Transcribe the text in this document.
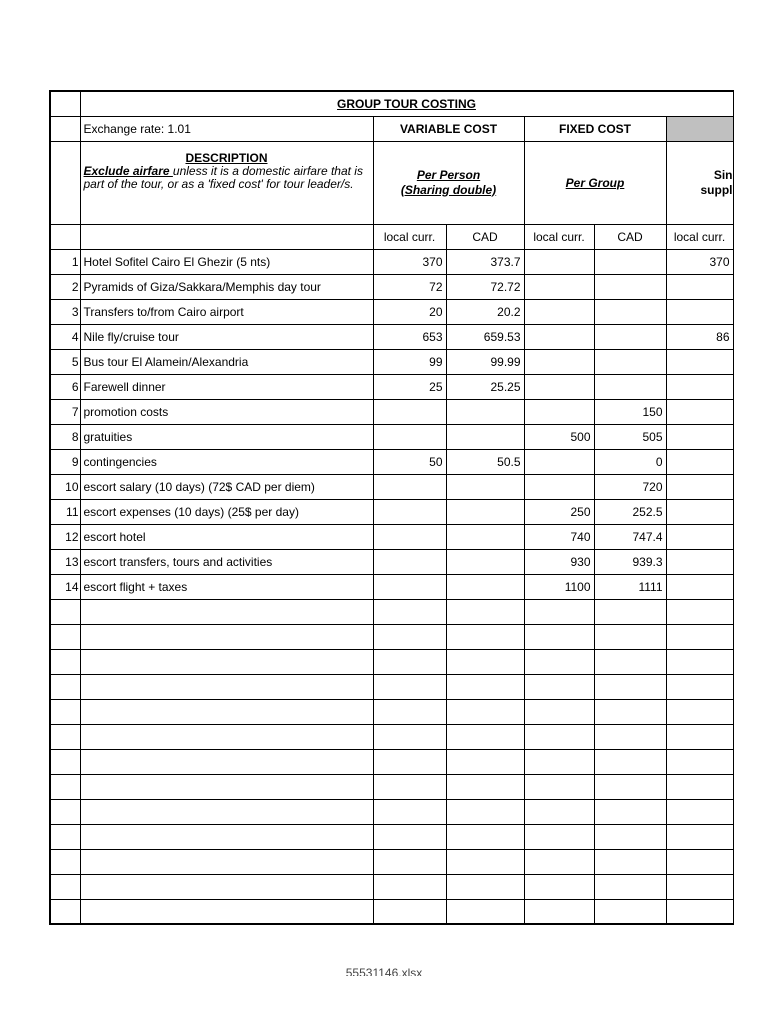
	GROUP TOUR COSTING					
	Exchange rate: 1.01	VARIABLE COST		FIXED COST		

	DESCRIPTION
Exclude airfare unless it is a domestic airfare that is part of the tour, or as a 'fixed cost' for tour leader/s.	Per Person
(Sharing double)		Per Group		Sin
suppl
		local curr.	CAD	local curr.	CAD	local curr.
1	Hotel Sofitel Cairo El Ghezir (5 nts)	370	373.7			370
2	Pyramids of Giza/Sakkara/Memphis day tour	72	72.72			
3	Transfers to/from Cairo airport	20	20.2			
4	Nile fly/cruise tour	653	659.53			86
5	Bus tour El Alamein/Alexandria	99	99.99			
6	Farewell dinner	25	25.25			
7	promotion costs				150	
8	gratuities			500	505	
9	contingencies	50	50.5		0	
10	escort salary (10 days) (72$ CAD per diem)				720	
11	escort expenses (10 days) (25$ per day)			250	252.5	
12	escort hotel			740	747.4	
13	escort transfers, tours and activities			930	939.3	
14	escort flight + taxes			1100	1111	

55531146.xlsx
